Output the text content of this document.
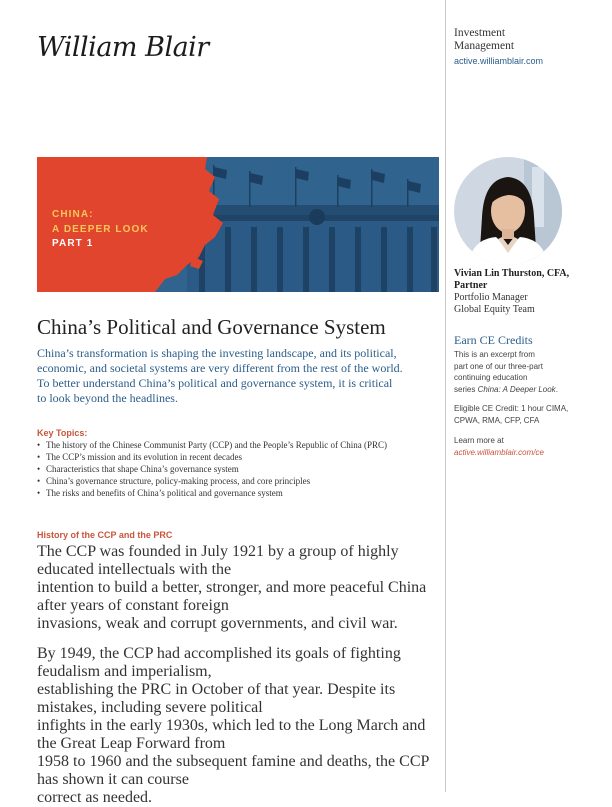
William Blair	Investment
Management
active.williamblair.com
CHINA:
A DEEPER LOOK
PART 1
Vivian Lin Thurston, CFA,
Partner
Portfolio Manager
Global Equity Team
Earn CE Credits

This is an excerpt from
part one of our three-part
continuing education
series China: A Deeper Look.

Eligible CE Credit: 1 hour CIMA,
CPWA, RMA, CFP, CFA

Learn more at
active.williamblair.com/ce

China’s Political and Governance System
China’s transformation is shaping the investing landscape, and its political,
economic, and societal systems are very different from the rest of the world.
To better understand China’s political and governance system, it is critical
to look beyond the headlines.
Key Topics:
• The history of the Chinese Communist Party (CCP) and the People’s Republic of China (PRC)
• The CCP’s mission and its evolution in recent decades
• Characteristics that shape China’s governance system
• China’s governance structure, policy-making process, and core principles
• The risks and benefits of China’s political and governance system
History of the CCP and the PRC

The CCP was founded in July 1921 by a group of highly educated intellectuals with the
intention to build a better, stronger, and more peaceful China after years of constant foreign
invasions, weak and corrupt governments, and civil war.

By 1949, the CCP had accomplished its goals of fighting feudalism and imperialism,
establishing the PRC in October of that year. Despite its mistakes, including severe political
infights in the early 1930s, which led to the Long March and the Great Leap Forward from
1958 to 1960 and the subsequent famine and deaths, the CCP has shown it can course
correct as needed.
